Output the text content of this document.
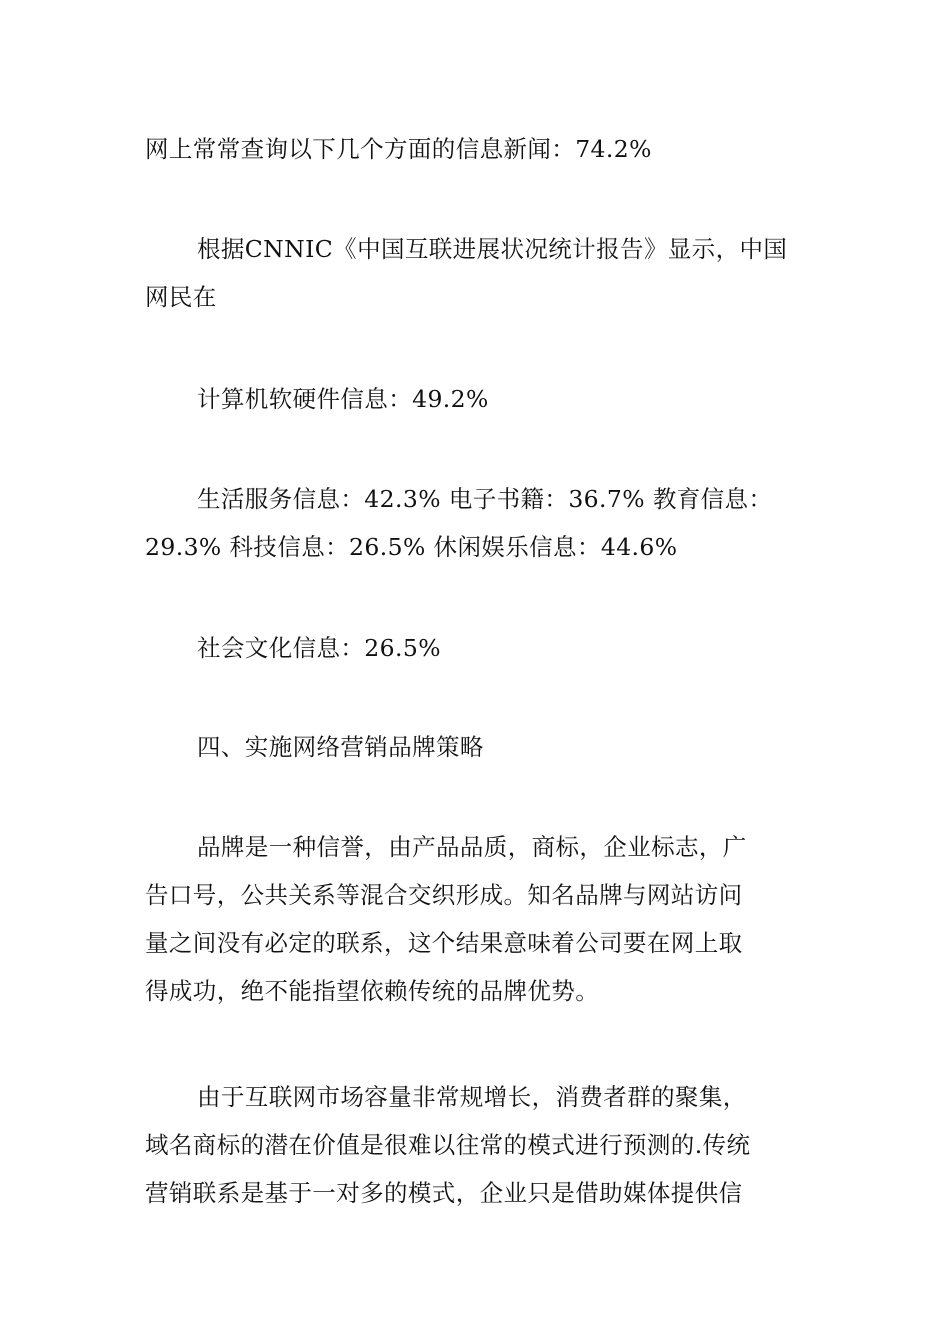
网上常常查询以下几个方面的信息新闻：74.2%

根据CNNIC《中国互联进展状况统计报告》显示，中国
网民在

计算机软硬件信息：49.2%

生活服务信息：42.3% 电子书籍：36.7% 教育信息：
29.3% 科技信息：26.5% 休闲娱乐信息：44.6%

社会文化信息：26.5%

四、实施网络营销品牌策略

品牌是一种信誉，由产品品质，商标，企业标志，广
告口号，公共关系等混合交织形成。知名品牌与网站访问
量之间没有必定的联系，这个结果意味着公司要在网上取
得成功，绝不能指望依赖传统的品牌优势。

由于互联网市场容量非常规增长，消费者群的聚集，
域名商标的潜在价值是很难以往常的模式进行预测的.传统
营销联系是基于一对多的模式，企业只是借助媒体提供信
